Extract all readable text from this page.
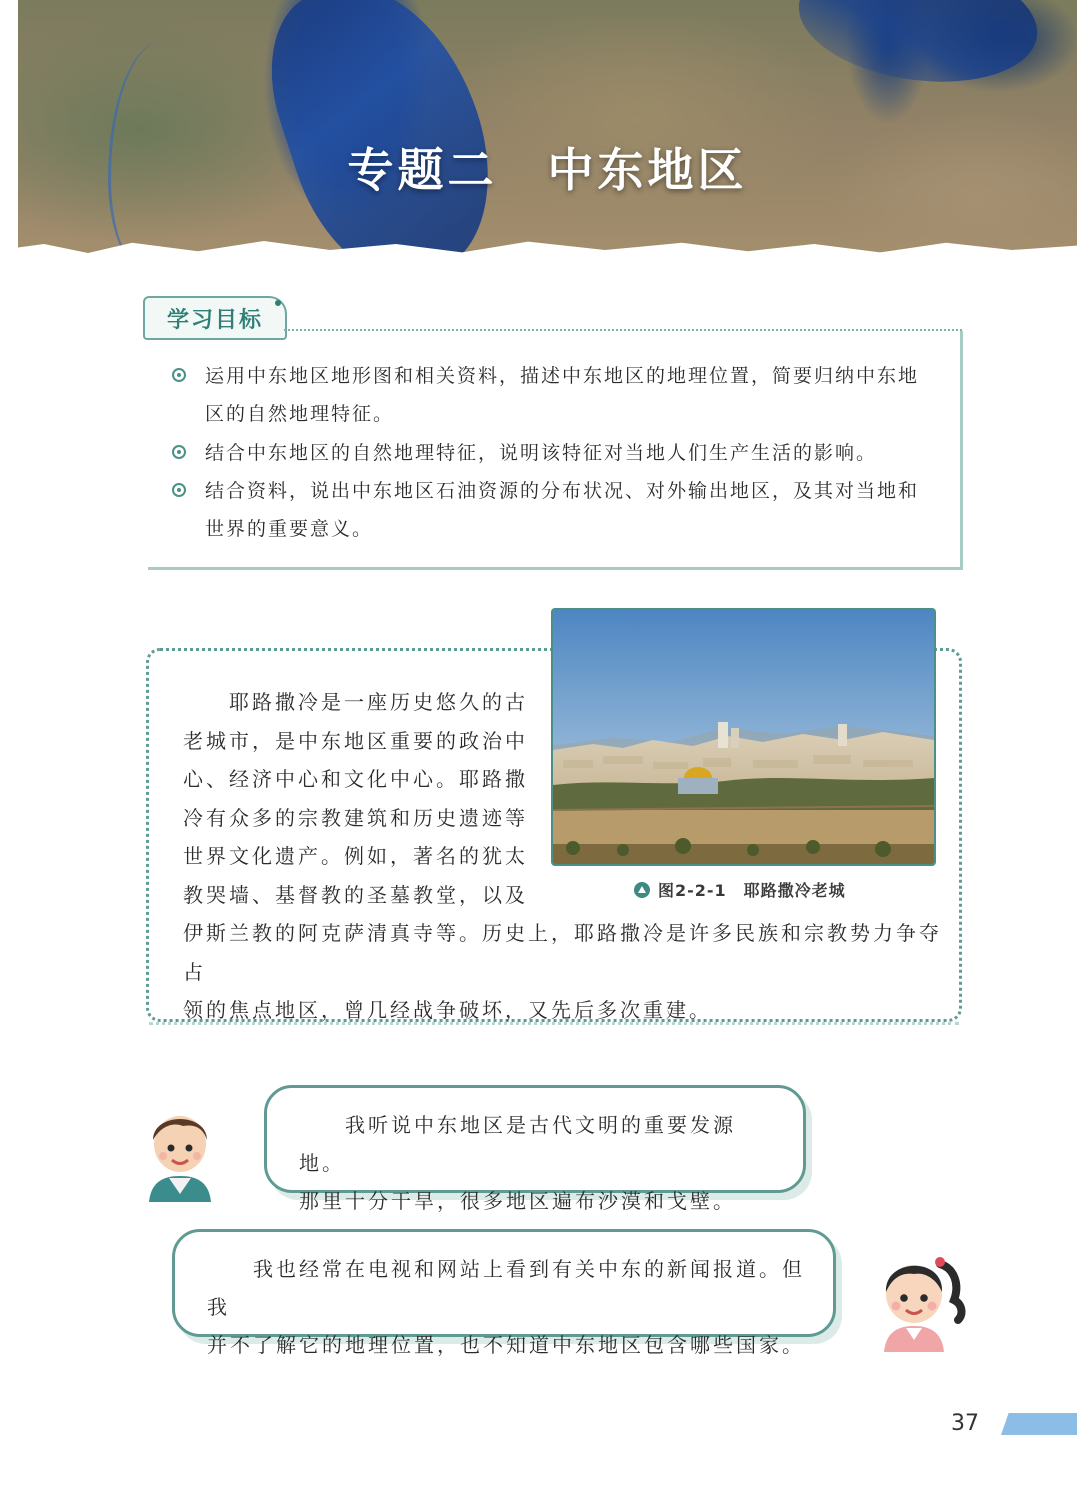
专题二　中东地区
学习目标
运用中东地区地形图和相关资料，描述中东地区的地理位置，简要归纳中东地区的自然地理特征。
结合中东地区的自然地理特征，说明该特征对当地人们生产生活的影响。
结合资料，说出中东地区石油资源的分布状况、对外输出地区，及其对当地和世界的重要意义。
耶路撒冷是一座历史悠久的古
老城市，是中东地区重要的政治中
心、经济中心和文化中心。耶路撒
冷有众多的宗教建筑和历史遗迹等
世界文化遗产。例如，著名的犹太
教哭墙、基督教的圣墓教堂，以及
伊斯兰教的阿克萨清真寺等。历史上，耶路撒冷是许多民族和宗教势力争夺占
领的焦点地区，曾几经战争破坏，又先后多次重建。
图2-2-1　耶路撒冷老城
我听说中东地区是古代文明的重要发源地。
那里十分干旱，很多地区遍布沙漠和戈壁。
我也经常在电视和网站上看到有关中东的新闻报道。但我
并不了解它的地理位置，也不知道中东地区包含哪些国家。
37
